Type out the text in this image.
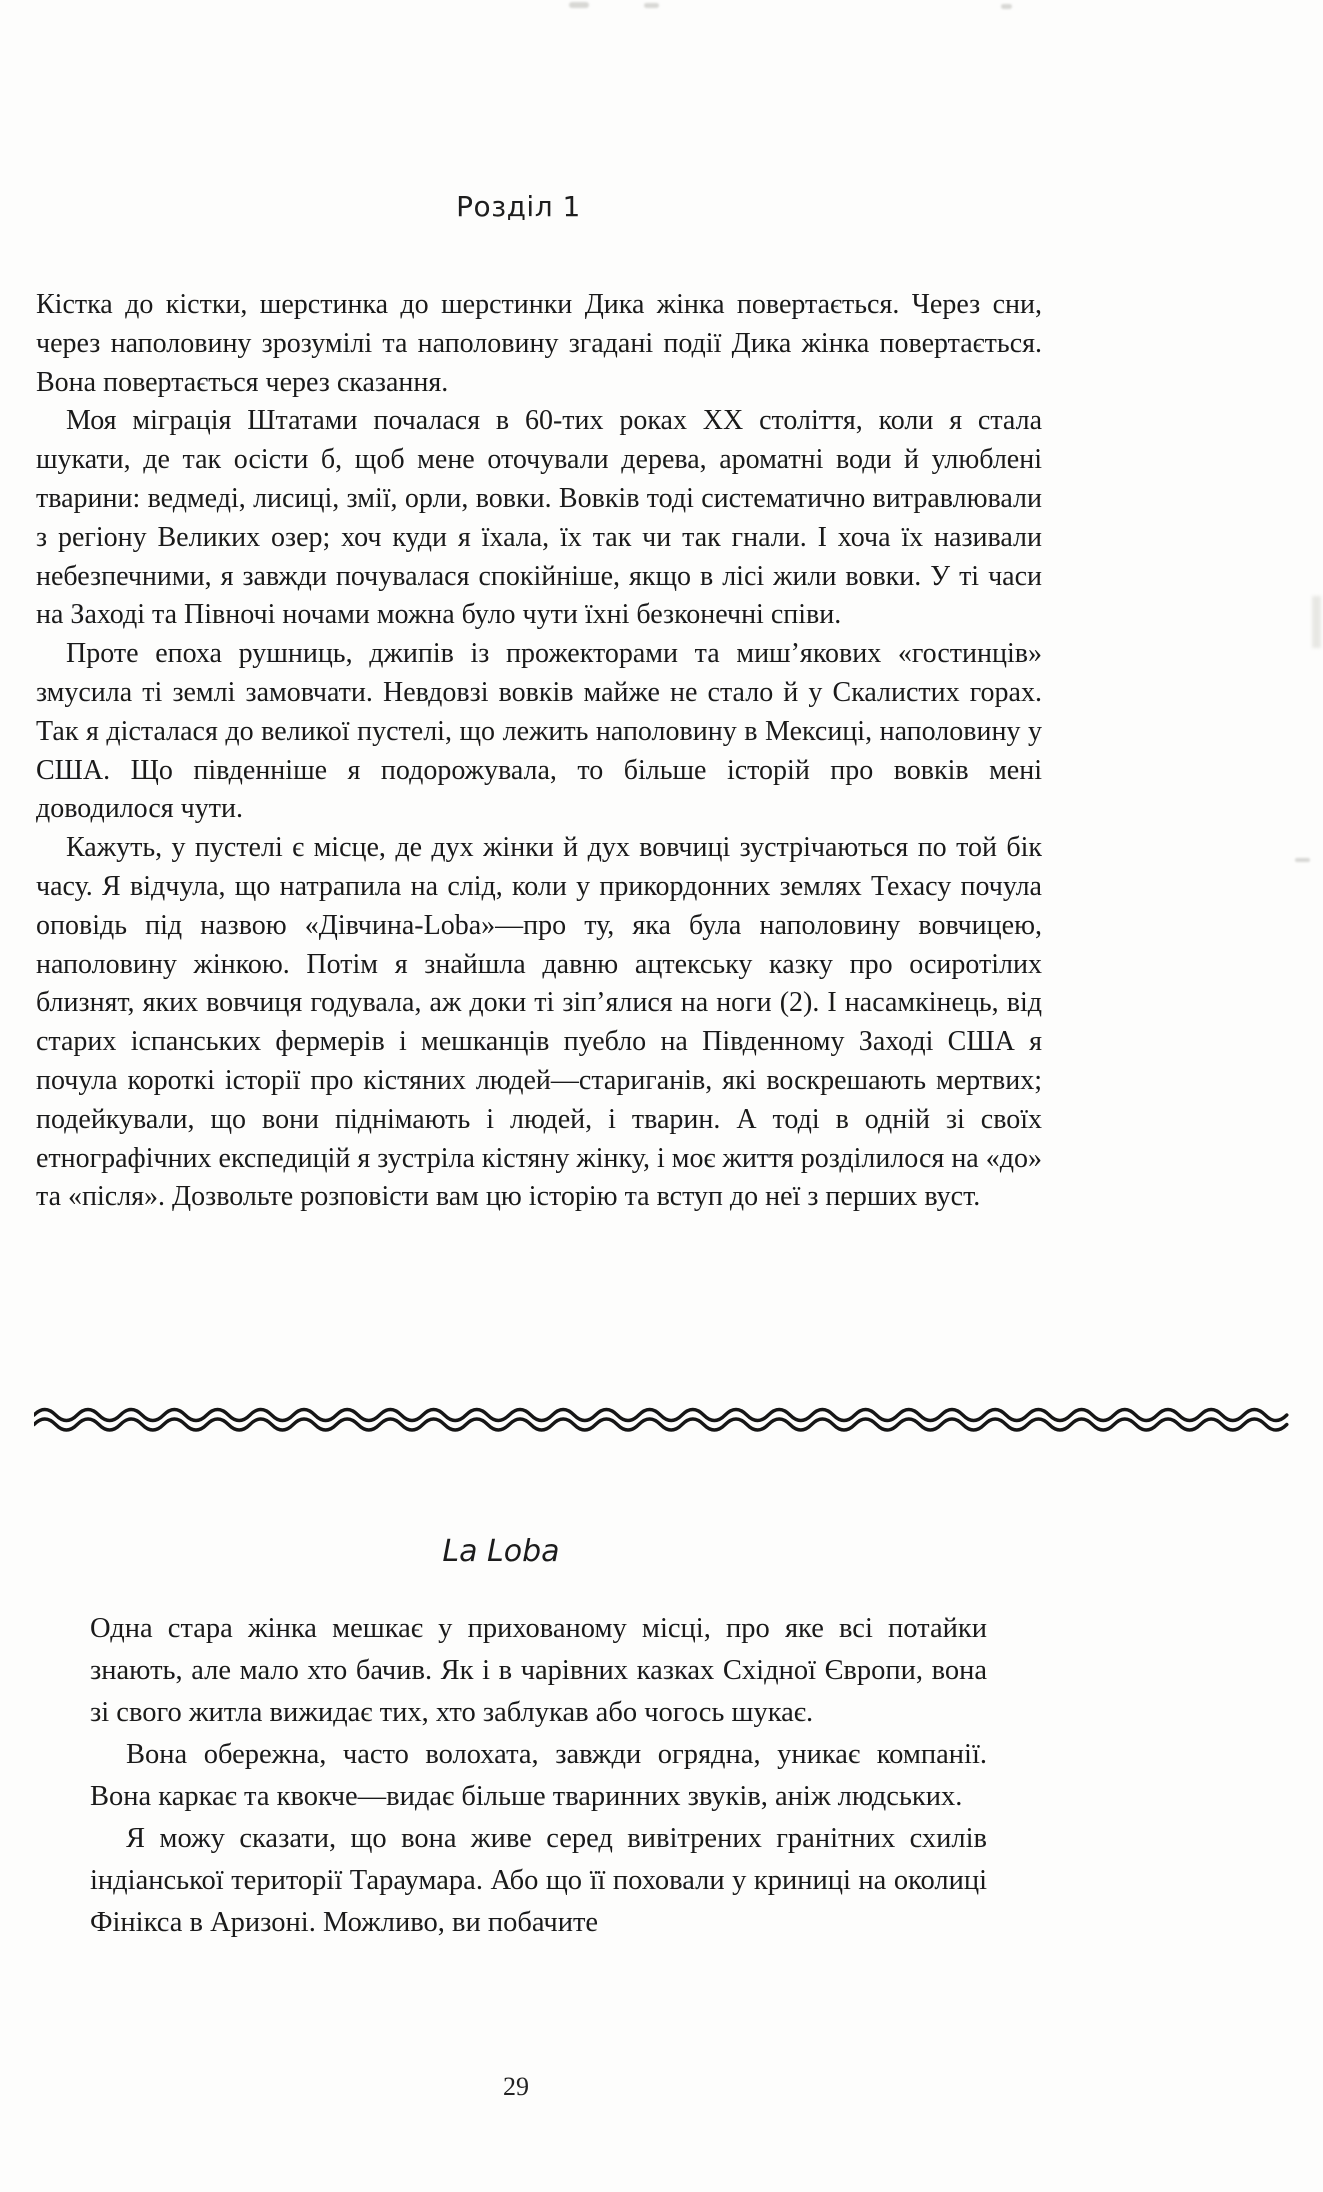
Розділ 1

Кістка до кістки, шерстинка до шерстинки Дика жінка повертається. Через сни, через наполовину зрозумілі та наполовину згадані події Дика жінка повертається. Вона повертається через сказання.

Моя міграція Штатами почалася в 60-тих роках ХХ століття, коли я стала шукати, де так осісти б, щоб мене оточували дерева, ароматні води й улюблені тварини: ведмеді, лисиці, змії, орли, вовки. Вовків тоді систематично витравлювали з регіону Великих озер; хоч куди я їхала, їх так чи так гнали. І хоча їх називали небезпечними, я завжди почувалася спокійніше, якщо в лісі жили вовки. У ті часи на Заході та Півночі ночами можна було чути їхні безконечні співи.

Проте епоха рушниць, джипів із прожекторами та миш’якових «гостинців» змусила ті землі замовчати. Невдовзі вовків майже не стало й у Скалистих горах. Так я дісталася до великої пустелі, що лежить наполовину в Мексиці, наполовину у США. Що південніше я подорожувала, то більше історій про вовків мені доводилося чути.

Кажуть, у пустелі є місце, де дух жінки й дух вовчиці зустрічаються по той бік часу. Я відчула, що натрапила на слід, коли у прикордонних землях Техасу почула оповідь під назвою «Дівчина-Loba»—про ту, яка була наполовину вовчицею, наполовину жінкою. Потім я знайшла давню ацтекську казку про осиротілих близнят, яких вовчиця годувала, аж доки ті зіп’ялися на ноги (2). І насамкінець, від старих іспанських фермерів і мешканців пуебло на Південному Заході США я почула короткі історії про кістяних людей—стариганів, які воскрешають мертвих; подейкували, що вони піднімають і людей, і тварин. А тоді в одній зі своїх етнографічних експедицій я зустріла кістяну жінку, і моє життя розділилося на «до» та «після». Дозвольте розповісти вам цю історію та вступ до неї з перших вуст.

La Loba

Одна стара жінка мешкає у прихованому місці, про яке всі потайки знають, але мало хто бачив. Як і в чарівних казках Східної Європи, вона зі свого житла вижидає тих, хто заблукав або чогось шукає.

Вона обережна, часто волохата, завжди огрядна, уникає компанії. Вона каркає та квокче—видає більше тваринних звуків, аніж людських.

Я можу сказати, що вона живе серед вивітрених гранітних схилів індіанської території Тараумара. Або що її поховали у криниці на околиці Фінікса в Аризоні. Можливо, ви побачите

29
